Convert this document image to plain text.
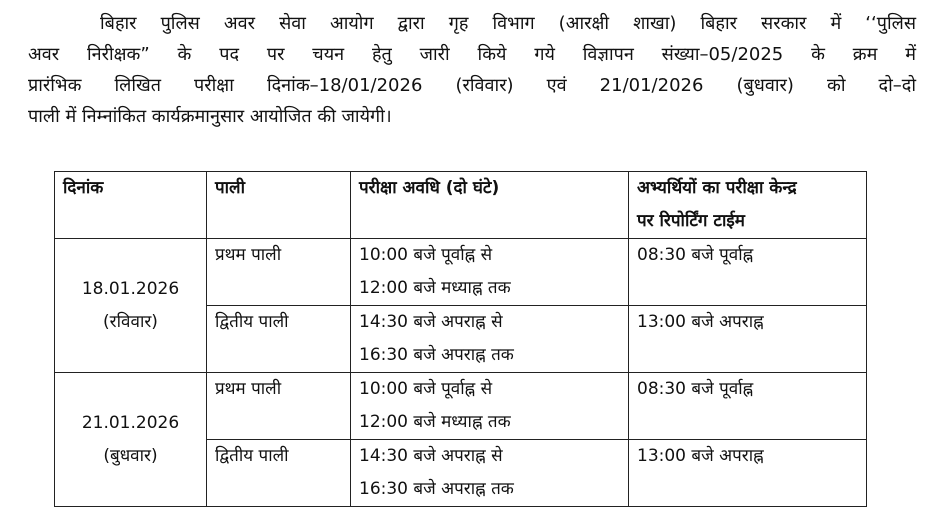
बिहार पुलिस अवर सेवा आयोग द्वारा गृह विभाग (आरक्षी शाखा) बिहार सरकार में ‘‘पुलिस
अवर निरीक्षक” के पद पर चयन हेतु जारी किये गये विज्ञापन संख्या–05/2025 के क्रम में
प्रारंभिक लिखित परीक्षा दिनांक–18/01/2026 (रविवार) एवं 21/01/2026 (बुधवार) को दो–दो
पाली में निम्नांकित कार्यक्रमानुसार आयोजित की जायेगी।
दिनांक	पाली	परीक्षा अवधि (दो घंटे)	अभ्यर्थियों का परीक्षा केन्द्र
पर रिपोर्टिंग टाईम

18.01.2026
(रविवार)	प्रथम पाली	10:00 बजे पूर्वाह्न से
12:00 बजे मध्याह्न तक	08:30 बजे पूर्वाह्न
	द्वितीय पाली	14:30 बजे अपराह्न से
16:30 बजे अपराह्न तक	13:00 बजे अपराह्न

21.01.2026
(बुधवार)	प्रथम पाली	10:00 बजे पूर्वाह्न से
12:00 बजे मध्याह्न तक	08:30 बजे पूर्वाह्न
	द्वितीय पाली	14:30 बजे अपराह्न से
16:30 बजे अपराह्न तक	13:00 बजे अपराह्न
